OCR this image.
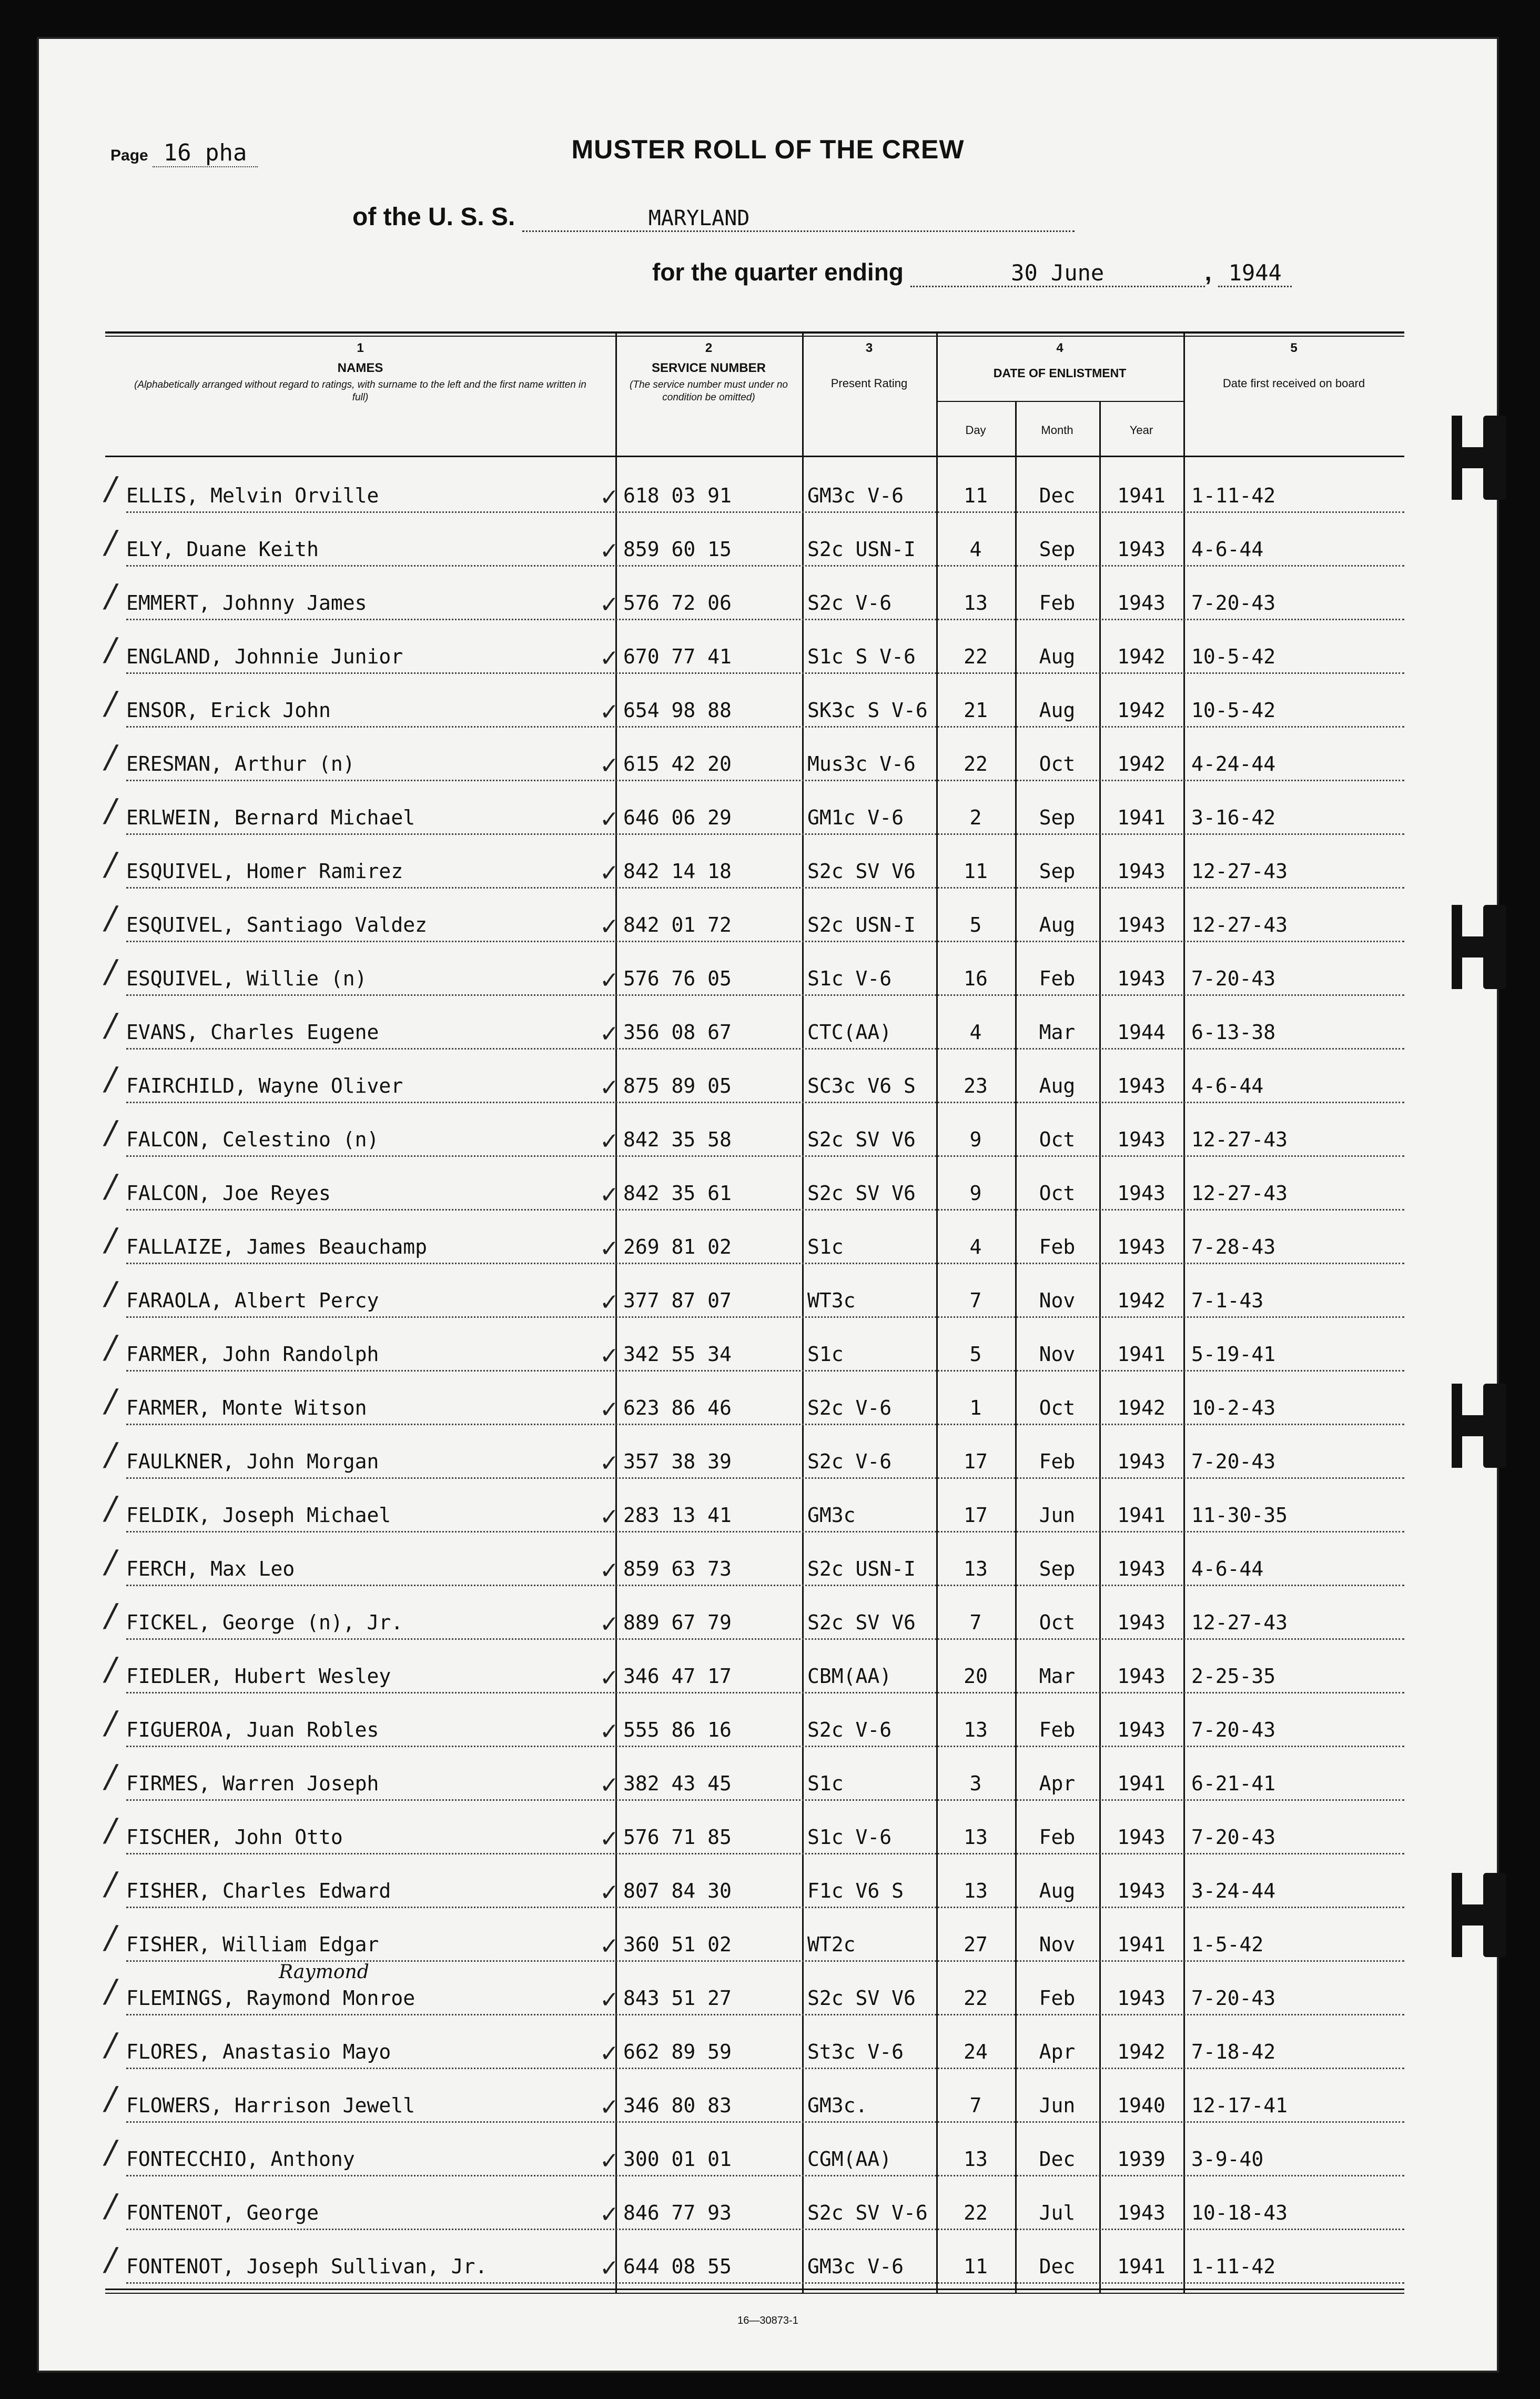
Page 16 pha	MUSTER ROLL OF THE CREW
of the U. S. S.	MARYLAND
for the quarter ending	30 June	, 1944
1
NAMES
(Alphabetically arranged without regard to ratings, with surname to the left and the first name written in full)
2
SERVICE NUMBER
(The service number must under no condition be omitted)
3
Present Rating
4
DATE OF ENLISTMENT
Day	Month	Year
5
Date first received on board
/ ELLIS, Melvin Orville	✓ 618 03 91	GM3c V-6	11	Dec	1941	1-11-42
/ ELY, Duane Keith	✓ 859 60 15	S2c USN-I	4	Sep	1943	4-6-44
/ EMMERT, Johnny James	✓ 576 72 06	S2c V-6	13	Feb	1943	7-20-43
/ ENGLAND, Johnnie Junior	✓ 670 77 41	S1c S V-6	22	Aug	1942	10-5-42
/ ENSOR, Erick John	✓ 654 98 88	SK3c S V-6	21	Aug	1942	10-5-42
/ ERESMAN, Arthur (n)	✓ 615 42 20	Mus3c V-6	22	Oct	1942	4-24-44
/ ERLWEIN, Bernard Michael	✓ 646 06 29	GM1c V-6	2	Sep	1941	3-16-42
/ ESQUIVEL, Homer Ramirez	✓ 842 14 18	S2c SV V6	11	Sep	1943	12-27-43
/ ESQUIVEL, Santiago Valdez	✓ 842 01 72	S2c USN-I	5	Aug	1943	12-27-43
/ ESQUIVEL, Willie (n)	✓ 576 76 05	S1c V-6	16	Feb	1943	7-20-43
/ EVANS, Charles Eugene	✓ 356 08 67	CTC(AA)	4	Mar	1944	6-13-38
/ FAIRCHILD, Wayne Oliver	✓ 875 89 05	SC3c V6 S	23	Aug	1943	4-6-44
/ FALCON, Celestino (n)	✓ 842 35 58	S2c SV V6	9	Oct	1943	12-27-43
/ FALCON, Joe Reyes	✓ 842 35 61	S2c SV V6	9	Oct	1943	12-27-43
/ FALLAIZE, James Beauchamp	✓ 269 81 02	S1c	4	Feb	1943	7-28-43
/ FARAOLA, Albert Percy	✓ 377 87 07	WT3c	7	Nov	1942	7-1-43
/ FARMER, John Randolph	✓ 342 55 34	S1c	5	Nov	1941	5-19-41
/ FARMER, Monte Witson	✓ 623 86 46	S2c V-6	1	Oct	1942	10-2-43
/ FAULKNER, John Morgan	✓ 357 38 39	S2c V-6	17	Feb	1943	7-20-43
/ FELDIK, Joseph Michael	✓ 283 13 41	GM3c	17	Jun	1941	11-30-35
/ FERCH, Max Leo	✓ 859 63 73	S2c USN-I	13	Sep	1943	4-6-44
/ FICKEL, George (n), Jr.	✓ 889 67 79	S2c SV V6	7	Oct	1943	12-27-43
/ FIEDLER, Hubert Wesley	✓ 346 47 17	CBM(AA)	20	Mar	1943	2-25-35
/ FIGUEROA, Juan Robles	✓ 555 86 16	S2c V-6	13	Feb	1943	7-20-43
/ FIRMES, Warren Joseph	✓ 382 43 45	S1c	3	Apr	1941	6-21-41
/ FISCHER, John Otto	✓ 576 71 85	S1c V-6	13	Feb	1943	7-20-43
/ FISHER, Charles Edward	✓ 807 84 30	F1c V6 S	13	Aug	1943	3-24-44
/ FISHER, William Edgar	✓ 360 51 02	WT2c	27	Nov	1941	1-5-42
/ FLEMINGS, Raymond Monroe	✓ 843 51 27	S2c SV V6	22	Feb	1943	7-20-43
Raymond
/ FLORES, Anastasio Mayo	✓ 662 89 59	St3c V-6	24	Apr	1942	7-18-42
/ FLOWERS, Harrison Jewell	✓ 346 80 83	GM3c.	7	Jun	1940	12-17-41
/ FONTECCHIO, Anthony	✓ 300 01 01	CGM(AA)	13	Dec	1939	3-9-40
/ FONTENOT, George	✓ 846 77 93	S2c SV V-6	22	Jul	1943	10-18-43
/ FONTENOT, Joseph Sullivan, Jr.	✓ 644 08 55	GM3c V-6	11	Dec	1941	1-11-42
16—30873-1
